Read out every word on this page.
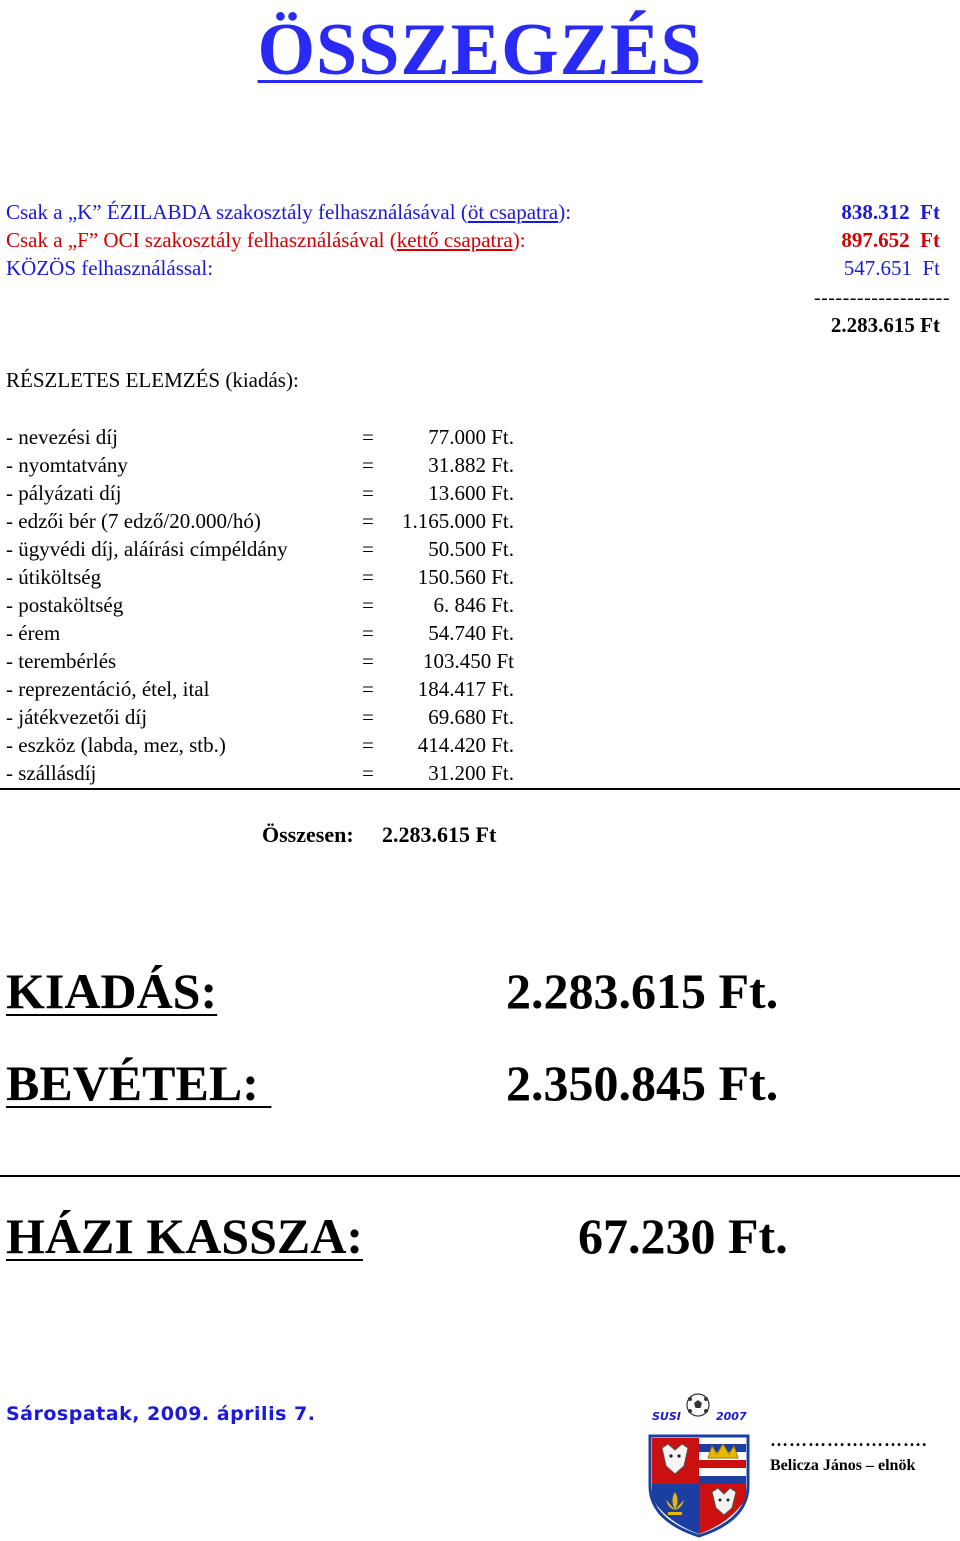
ÖSSZEGZÉS
Csak a „K” ÉZILABDA szakosztály felhasználásával (öt csapatra):	838.312  Ft
Csak a „F” OCI szakosztály felhasználásával (kettő csapatra):	897.652  Ft
KÖZÖS felhasználással:	547.651  Ft
-------------------
2.283.615 Ft
RÉSZLETES ELEMZÉS (kiadás):
- nevezési díj	=	77.000 Ft.
- nyomtatvány	=	31.882 Ft.
- pályázati díj	=	13.600 Ft.
- edzői bér (7 edző/20.000/hó)	=	1.165.000 Ft.
- ügyvédi díj, aláírási címpéldány	=	50.500 Ft.
- útiköltség	=	150.560 Ft.
- postaköltség	=	6. 846 Ft.
- érem	=	54.740 Ft.
- terembérlés	=	103.450 Ft
- reprezentáció, étel, ital	=	184.417 Ft.
- játékvezetői díj	=	69.680 Ft.
- eszköz (labda, mez, stb.)	=	414.420 Ft.
- szállásdíj	=	31.200 Ft.
Összesen: 2.283.615 Ft
KIADÁS:	2.283.615 Ft.
BEVÉTEL:	2.350.845 Ft.
HÁZI KASSZA:	67.230 Ft.
Sárospatak, 2009. április 7.	SUSI	2007
…………………….
Belicza János – elnök
